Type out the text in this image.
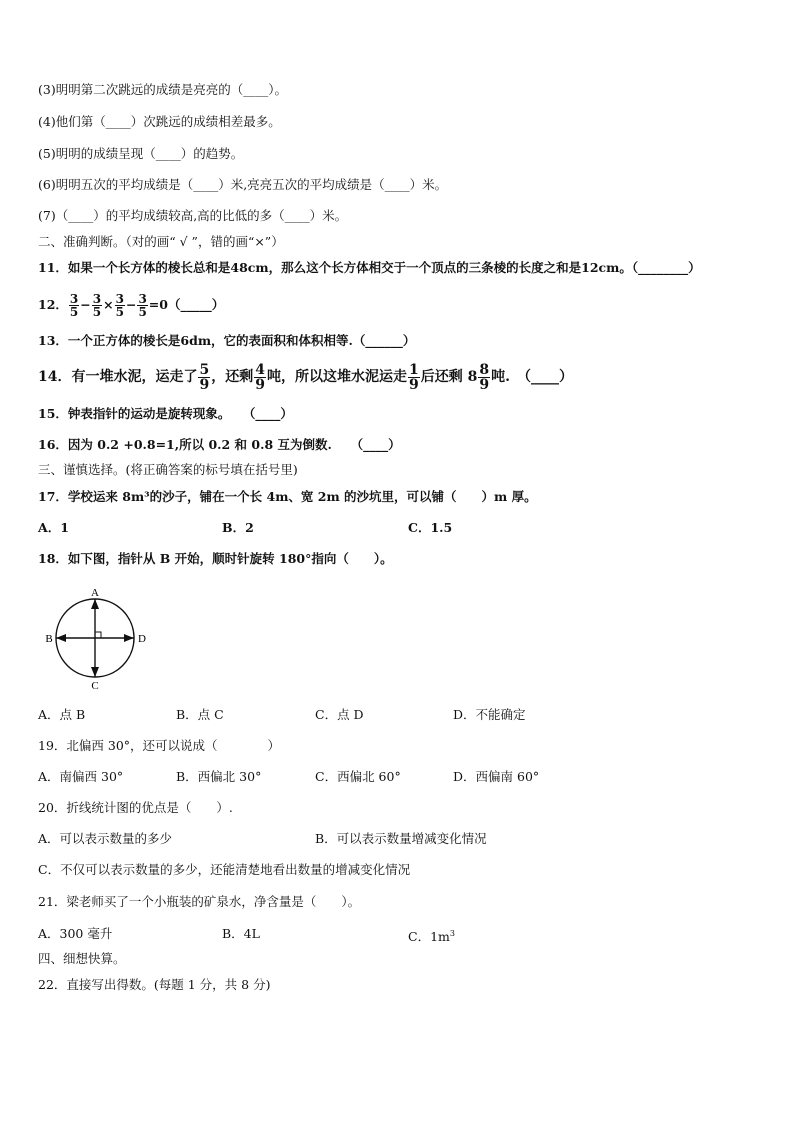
(3)明明第二次跳远的成绩是亮亮的（____）。
(4)他们第（____）次跳远的成绩相差最多。
(5)明明的成绩呈现（____）的趋势。
(6)明明五次的平均成绩是（____）米,亮亮五次的平均成绩是（____）米。
(7)（____）的平均成绩较高,高的比低的多（____）米。
二、准确判断。（对的画“ √ ”，错的画“×”）
11．如果一个长方体的棱长总和是48cm，那么这个长方体相交于一个顶点的三条棱的长度之和是12cm。（________）
12． $\frac{3}{5} - \frac{3}{5} \times \frac{3}{5} - \frac{3}{5}$ =0（_____）
13．一个正方体的棱长是6dm，它的表面积和体积相等.（______）
14．有一堆水泥，运走了 $\frac{5}{9}$ ，还剩 $\frac{4}{9}$ 吨，所以这堆水泥运走 $\frac{1}{9}$ 后还剩 $8 \frac{8}{9}$ 吨.　（____）
15．钟表指针的运动是旋转现象。　　（____）
16．因为 0.2 +0.8=1,所以 0.2 和 0.8 互为倒数.　　（____）
三、谨慎选择。(将正确答案的标号填在括号里)
17．学校运来 8m³的沙子，铺在一个长 4m、宽 2m 的沙坑里，可以铺（　　）m 厚。
A．1	B．2	C．1.5
18．如下图，指针从 B 开始，顺时针旋转 180°指向（　　）。
A
B	D
C
A．点 B	B．点 C	C．点 D	D．不能确定
19．北偏西 30°，还可以说成（　　　　）
A．南偏西 30°	B．西偏北 30°	C．西偏北 60°	D．西偏南 60°
20．折线统计图的优点是（　　）.
A．可以表示数量的多少	B．可以表示数量增减变化情况
C．不仅可以表示数量的多少，还能清楚地看出数量的增减变化情况
21．梁老师买了一个小瓶装的矿泉水，净含量是（　　）。
A．300 毫升	B．4L	C．$1m^3$
四、细想快算。
22．直接写出得数。(每题 1 分，共 8 分)
